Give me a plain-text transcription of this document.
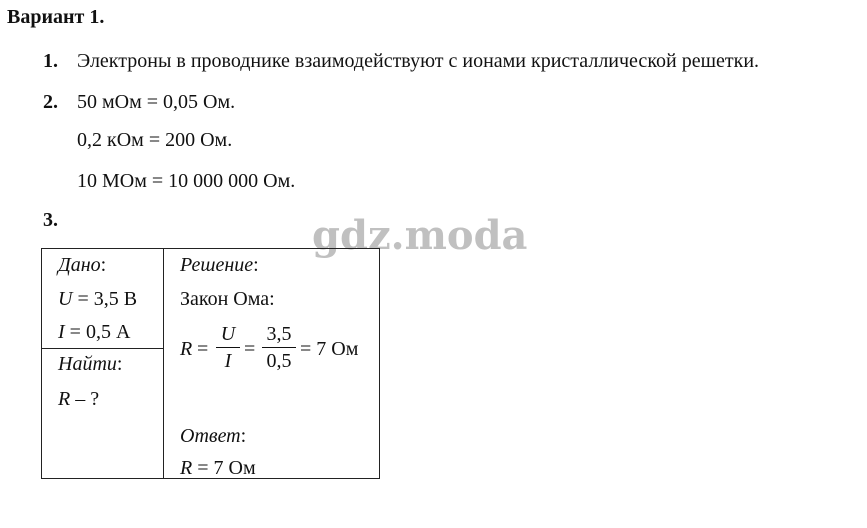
Вариант 1.
1. Электроны в проводнике взаимодействуют с ионами кристаллической решетки.
2. 50 мОм = 0,05 Ом.
0,2 кОм = 200 Ом.
10 МОм = 10 000 000 Ом.
3.	gdz.moda
Дано:
U = 3,5 В
I = 0,5 А
Найти:
R – ?
Решение:
Закон Ома:
R =
U
I
=
3,5
0,5
= 7 Ом
Ответ:
R = 7 Ом
